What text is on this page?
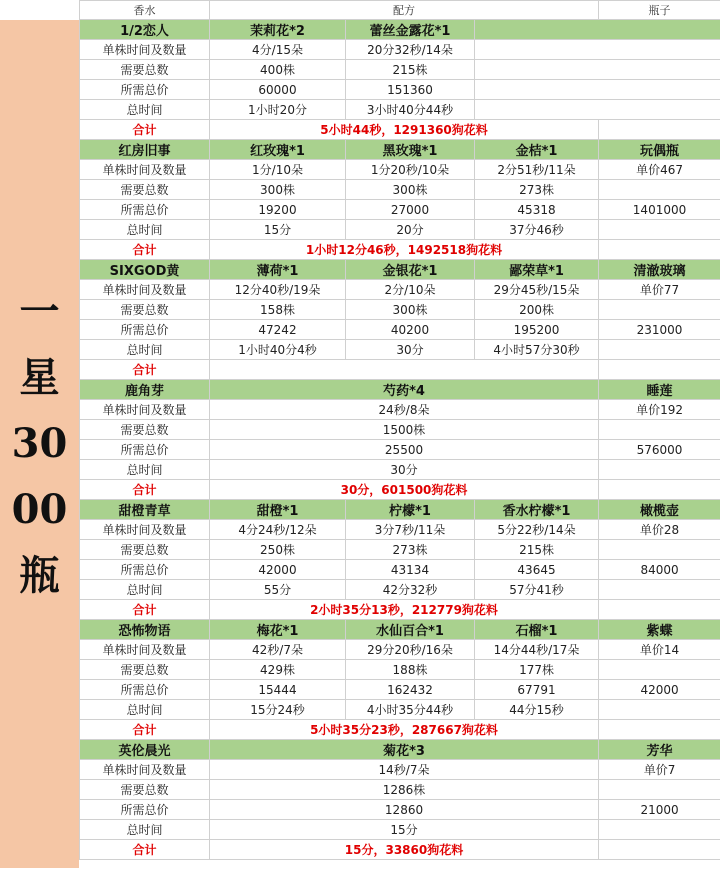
一
星
30
00
瓶
香水	配方			瓶子	
1/2恋人	茉莉花*2	蕾丝金露花*1		
单株时间及数量	4分/15朵	20分32秒/14朵		
需要总数	400株	215株			
所需总价	60000	151360		
总时间	1小时20分	3小时40分44秒			
合计	5小时44秒，1291360狗花料				
红房旧事	红玫瑰*1	黑玫瑰*1	金桔*1	玩偶瓶	
单株时间及数量	1分/10朵	1分20秒/10朵	2分51秒/11朵	单价467	
需要总数	300株	300株	273株		
所需总价	19200	27000	45318	1401000	
总时间	15分	20分	37分46秒		
合计	1小时12分46秒，1492518狗花料				
SIXGOD黄	薄荷*1	金银花*1	鄙荣草*1	清澈玻璃	
单株时间及数量	12分40秒/19朵	2分/10朵	29分45秒/15朵	单价77	
需要总数	158株	300株	200株		
所需总价	47242	40200	195200	231000	
总时间	1小时40分4秒	30分	4小时57分30秒		
合计					
鹿角芽	芍药*4			睡莲	
单株时间及数量	24秒/8朵			单价192	
需要总数	1500株				
所需总价	25500			576000	
总时间	30分				
合计	30分，601500狗花料				
甜橙青草	甜橙*1	柠檬*1	香水柠檬*1	橄榄壶	
单株时间及数量	4分24秒/12朵	3分7秒/11朵	5分22秒/14朵	单价28	
需要总数	250株	273株	215株		
所需总价	42000	43134	43645	84000	
总时间	55分	42分32秒	57分41秒		
合计	2小时35分13秒，212779狗花料				
恐怖物语	梅花*1	水仙百合*1	石榴*1	紫蝶	
单株时间及数量	42秒/7朵	29分20秒/16朵	14分44秒/17朵	单价14	
需要总数	429株	188株	177株		
所需总价	15444	162432	67791	42000	
总时间	15分24秒	4小时35分44秒	44分15秒		
合计	5小时35分23秒，287667狗花料				
英伦晨光	菊花*3			芳华	
单株时间及数量	14秒/7朵			单价7	
需要总数	1286株				
所需总价	12860			21000	
总时间	15分				
合计	15分，33860狗花料				
